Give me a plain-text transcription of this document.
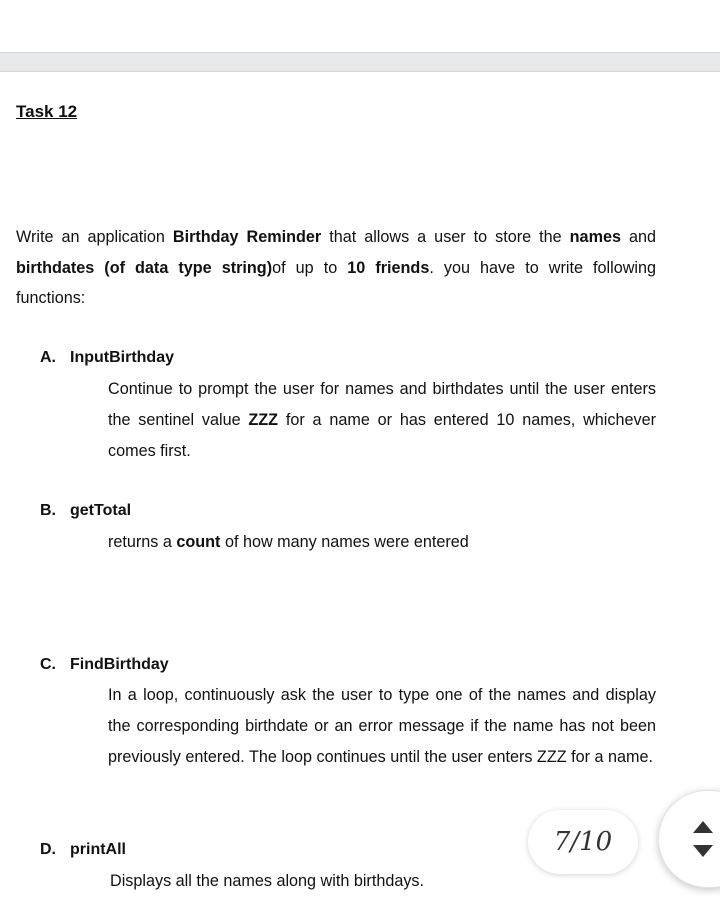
Task 12

Write an application Birthday Reminder that allows a user to store the names and birthdates (of data type string)of up to 10 friends. you have to write following functions:

A. InputBirthday

Continue to prompt the user for names and birthdates until the user enters the sentinel value ZZZ for a name or has entered 10 names, whichever comes first.

B. getTotal

returns a count of how many names were entered

C. FindBirthday

In a loop, continuously ask the user to type one of the names and display the corresponding birthdate or an error message if the name has not been previously entered. The loop continues until the user enters ZZZ for a name.

D. printAll

Displays all the names along with birthdays.

7/10
